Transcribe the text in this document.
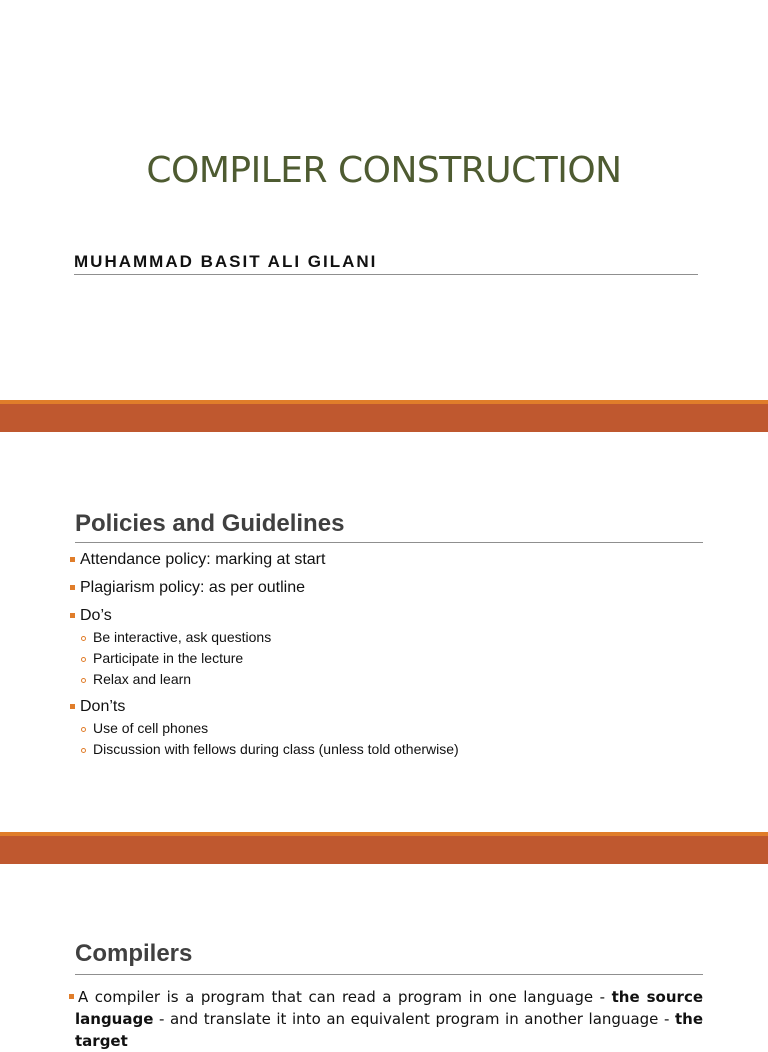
COMPILER CONSTRUCTION
MUHAMMAD BASIT ALI GILANI
Policies and Guidelines
Attendance policy: marking at start
Plagiarism policy: as per outline
Do’s
Be interactive, ask questions
Participate in the lecture
Relax and learn
Don’ts
Use of cell phones
Discussion with fellows during class (unless told otherwise)
Compilers

A compiler is a program that can read a program in one language - the source language - and translate it into an equivalent program in another language - the target
